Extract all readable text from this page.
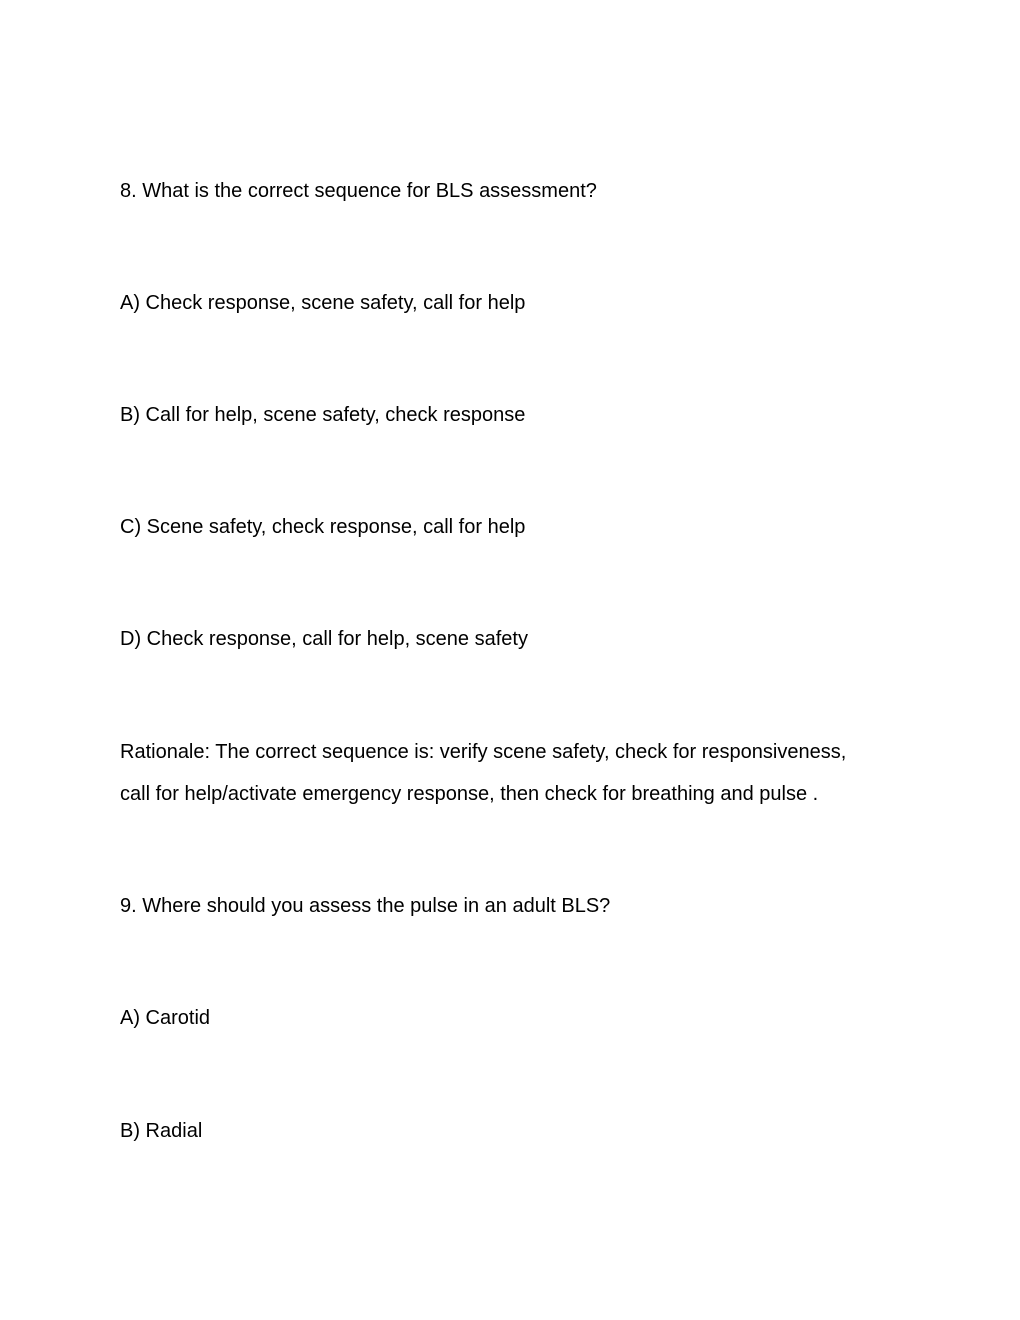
8. What is the correct sequence for BLS assessment?
A) Check response, scene safety, call for help
B) Call for help, scene safety, check response
C) Scene safety, check response, call for help
D) Check response, call for help, scene safety
Rationale: The correct sequence is: verify scene safety, check for responsiveness,
call for help/activate emergency response, then check for breathing and pulse .
9. Where should you assess the pulse in an adult BLS?
A) Carotid
B) Radial
